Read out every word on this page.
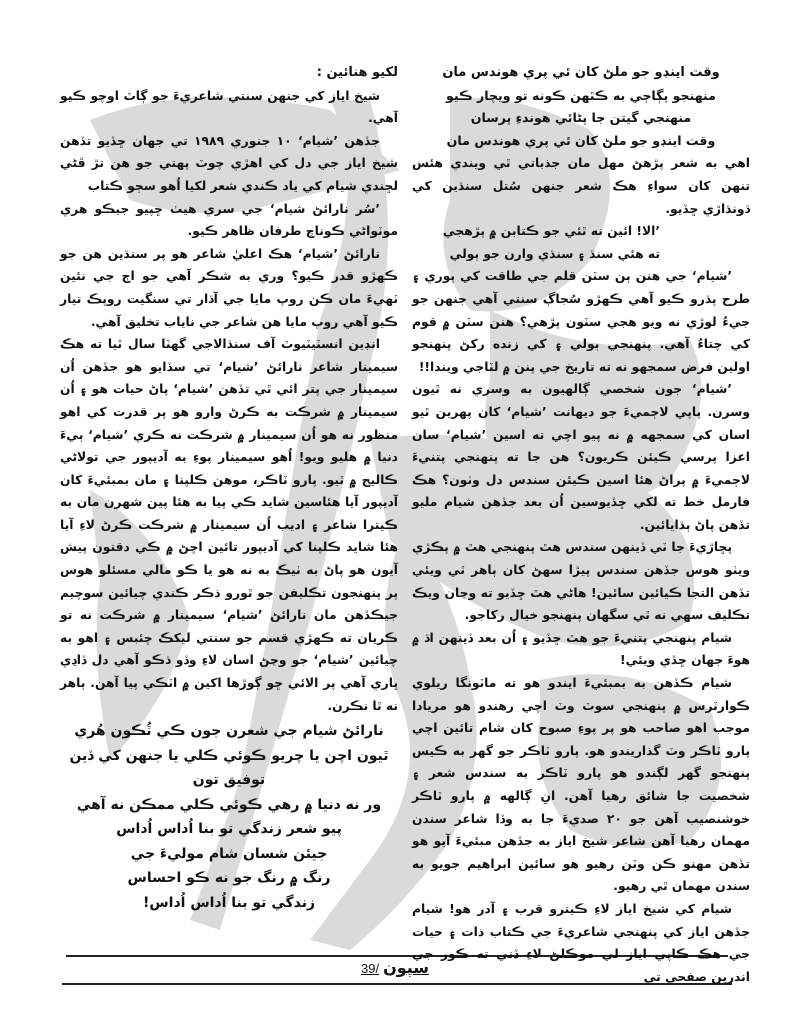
وقت اينڊو جو ملڻ کان ئي پري هوندس مان

منهنجو پڳاڄي به ڪٿهن ڪونه تو ويچار ڪيو

منهنجي گيتن جا پڻائي هوندءِ پرسان

وقت اينڊو جو ملڻ کان ئي پري هوندس مان

اهي به شعر پڙهڻ مهل مان جذباتي ٿي ويندي هئس تنهن کان سواءِ هڪ شعر جنهن سُتل سنڌين کي ڌونڌاڙي ڇڏيو.

’الا! ائين نه ٿئي جو ڪتابن ۾ پڙهجي

ته هئي سنڌ ۽ سنڌي وارن جو ٻولي

’شيام‘ جي هنن ٻن سٽن قلم جي طاقت کي پوري ۽ طرح پڌرو ڪيو آهي ڪهڙو سُجاڳ سنتي آهي جنهن جو جيءُ لوڙي نه ويو هجي سٽون پڙهي؟ هنن سٽن ۾ قوم کي چتاءُ آهي. پنهنجي ٻولي ۽ کي زنده رکڻ پنهنجو اولين فرض سمجهو نه ته تاريخ جي پنن ۾ لٽاجي ويندا!!

’شيام‘ جون شخصي ڳالهيون به وسري نه ٿيون وسرن. پاپي لاڄميءَ جو ديهانت ’شيام‘ کان پهرين ٿيو اسان کي سمجهه ۾ نه پيو اچي ته اسين ’شيام‘ سان اعزا پرسي ڪيئن ڪريون؟ هن جا ته پنهنجي پتنيءَ لاڄميءَ ۾ پراڻ هئا اسين ڪيئن سندس دل وٺون؟ هڪ فارمل خط ته لکي ڇڏيوسين اُن بعد جڏهن شيام مليو تڏهن پاڻ ٻڌايائين.

پڇاڙيءَ جا ٽي ڏينهن سندس هٿ پنهنجي هٿ ۾ پڪڙي ويٺو هوس جڏهن سندس پيڙا سهڻ کان ٻاهر ٿي ويئي تڏهن التجا ڪيائين سائين! هاڻي هٿ ڇڏيو ته وڃان ويڪ تڪليف سهي نه ٿي سگهان پنهنجو خيال رکاجو.

شيام پنهنجي پتنيءَ جو هٿ ڇڏيو ۽ اُن بعد ڏينهن اڌ ۾ هوءَ جهان ڇڏي ويئي!

شيام ڪڏهن به بمبئيءَ ايندو هو ته ماٽونگا ريلوي ڪوارٽرس ۾ پنهنجي سوٽ وٽ اچي رهندو هو مريادا موجب اهو صاحب هو پر پوءِ صبوح کان شام تائين اچي پارو ٽاڪر وٽ گذاريندو هو. پارو ٽاڪر جو گهر به ڪيس پنهنجو گهر لڳندو هو پارو ٽاڪر به سندس شعر ۽ شخصيت جا شائق رهيا آهن. انِ ڳالهه ۾ پارو ٽاڪر خوشنصيب آهن جو ٢٠ صديءَ جا به وڏا شاعر سندن مهمان رهيا آهن شاعر شيخ اياز به جڏهن مبئيءَ آيو هو تڏهن مهنو ڪن وٽن رهيو هو سائين ابراهيم جويو به سندن مهمان ٿي رهيو.

شيام کي شيخ اياز لاءِ ڪيترو قرب ۽ آدر هو! شيام جڏهن اياز کي پنهنجي شاعريءَ جي ڪتاب ذات ۽ حيات جي هڪ ڪاپي اياز لي موڪلڻ لاءِ ڏني ته ڪور جي اندرين صفحي تي

لکيو هنائين :

شيخ اياز کي جنهن سنتي شاعريءَ جو ڳاٽ اوچو ڪيو آهي.

جڏهن ’شيام‘ ١٠ جنوري ١٩٨٩ تي جهان ڇڏيو تڏهن شيخ اياز جي دل کي اهڙي چوٽ پهتي جو هن تڙ ڦڻي لڇندي شيام کي ياد ڪندي شعر لکيا اُهو سڄو ڪتاب

’سُر نارائڻ شيام‘ جي سري هيٺ ڇپيو جيڪو هري موٽواڻي ڪوناچ طرفان ظاهر ڪيو.

نارائڻ ’شيام‘ هڪ اعليٰ شاعر هو پر سنڌين هن جو ڪهڙو قدر ڪيو؟ وري به شڪر آهي جو اڄ جي نئين ٽهيءَ مان ڪن روپ مايا جي آڌار تي سنگيت روپڪ تيار ڪيو آهي روپ مايا هن شاعر جي ناياب تخليق آهي.

انڊين انسٽيٽيوٽ آف سنڌالاجي گهٽا سال ٿيا ته هڪ سيمينار شاعر نارائڻ ’شيام‘ تي سڏايو هو جڏهن اُن سيمينار جي پتر ائي ٿي تڏهن ’شيام‘ پاڻ حيات هو ۽ اُن سيمينار ۾ شرڪت به ڪرڻ وارو هو پر قدرت کي اهو منظور نه هو اُن سيمينار ۾ شرڪت نه ڪري ’شيام‘ ٻيءَ دنيا ۾ هليو ويو! اُهو سيمينار پوءِ به آديپور جي تولاڻي ڪاليج ۾ ٿيو. پارو ٽاڪر، موهن ڪلپنا ۽ مان بمبئيءَ کان آديپور آيا هئاسين شايد ڪي پيا به هئا پين شهرن مان به ڪيترا شاعر ۽ اديب اُن سيمينار ۾ شرڪت ڪرڻ لاءِ آيا هئا شايد ڪلپنا کي آديپور تائين اچڻ ۾ ڪي دقتون پيش آيون هو پاڻ به ٺيڪ به نه هو يا ڪو مالي مسئلو هوس پر پنهنجون تڪليفن جو ٿورو ذڪر ڪندي چيائين سوچيم جيڪڏهن مان نارائڻ ’شيام‘ سيمينار ۾ شرڪت نه تو ڪريان ته ڪهڙي قسم جو سنتي ليکڪ چئبس ۽ اهو به چيائين ’شيام‘ جو وڃڻ اسان لاءِ وڏو ڌڪو آهي دل ڏاڍي ڀاري آهي پر الائي ڇو ڳوڙها اکين ۾ اٽڪي پيا آهن. ٻاهر نه ٿا نڪرن.

نارائڻ شيام جي شعرن جون ڪي ٽُڪون هُري

ٿيون اچن يا چريو ڪوئي ڪلي يا جنهن کي ڏين

توفيق تون

ور نه دنيا ۾ رهي ڪوئي ڪلي ممڪن نه آهي

پيو شعر زندگي تو بنا اُداس اُداس

جيئن شسان شام موليءَ جي

رنگ ۾ رنگ جو نه ڪو احساس

زندگي تو بنا اُداس اُداس!

39/ سپون
